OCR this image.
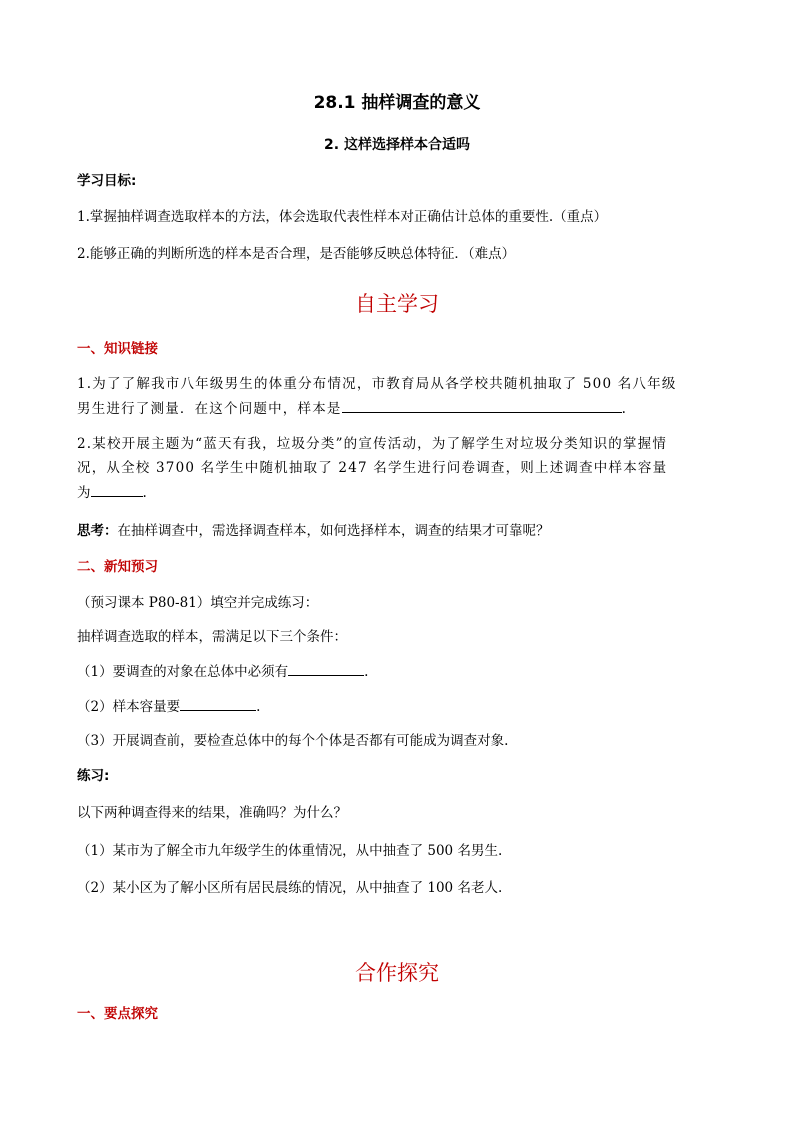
28.1 抽样调查的意义
2. 这样选择样本合适吗
学习目标:
1.掌握抽样调查选取样本的方法，体会选取代表性样本对正确估计总体的重要性.（重点）
2.能够正确的判断所选的样本是否合理，是否能够反映总体特征．（难点）
自主学习
一、知识链接
1.为了了解我市八年级男生的体重分布情况，市教育局从各学校共随机抽取了 500 名八年级
男生进行了测量．在这个问题中，样本是	.
2.某校开展主题为“蓝天有我，垃圾分类”的宣传活动，为了解学生对垃圾分类知识的掌握情
况，从全校 3700 名学生中随机抽取了 247 名学生进行问卷调查，则上述调查中样本容量
为	.
思考：在抽样调查中，需选择调查样本，如何选择样本，调查的结果才可靠呢？
二、新知预习
（预习课本 P80-81）填空并完成练习：
抽样调查选取的样本，需满足以下三个条件：
（1）要调查的对象在总体中必须有	.
（2）样本容量要	.
（3）开展调查前，要检查总体中的每个个体是否都有可能成为调查对象.
练习:
以下两种调查得来的结果，准确吗？为什么？
（1）某市为了解全市九年级学生的体重情况，从中抽查了 500 名男生.
（2）某小区为了解小区所有居民晨练的情况，从中抽查了 100 名老人.
合作探究
一、要点探究
